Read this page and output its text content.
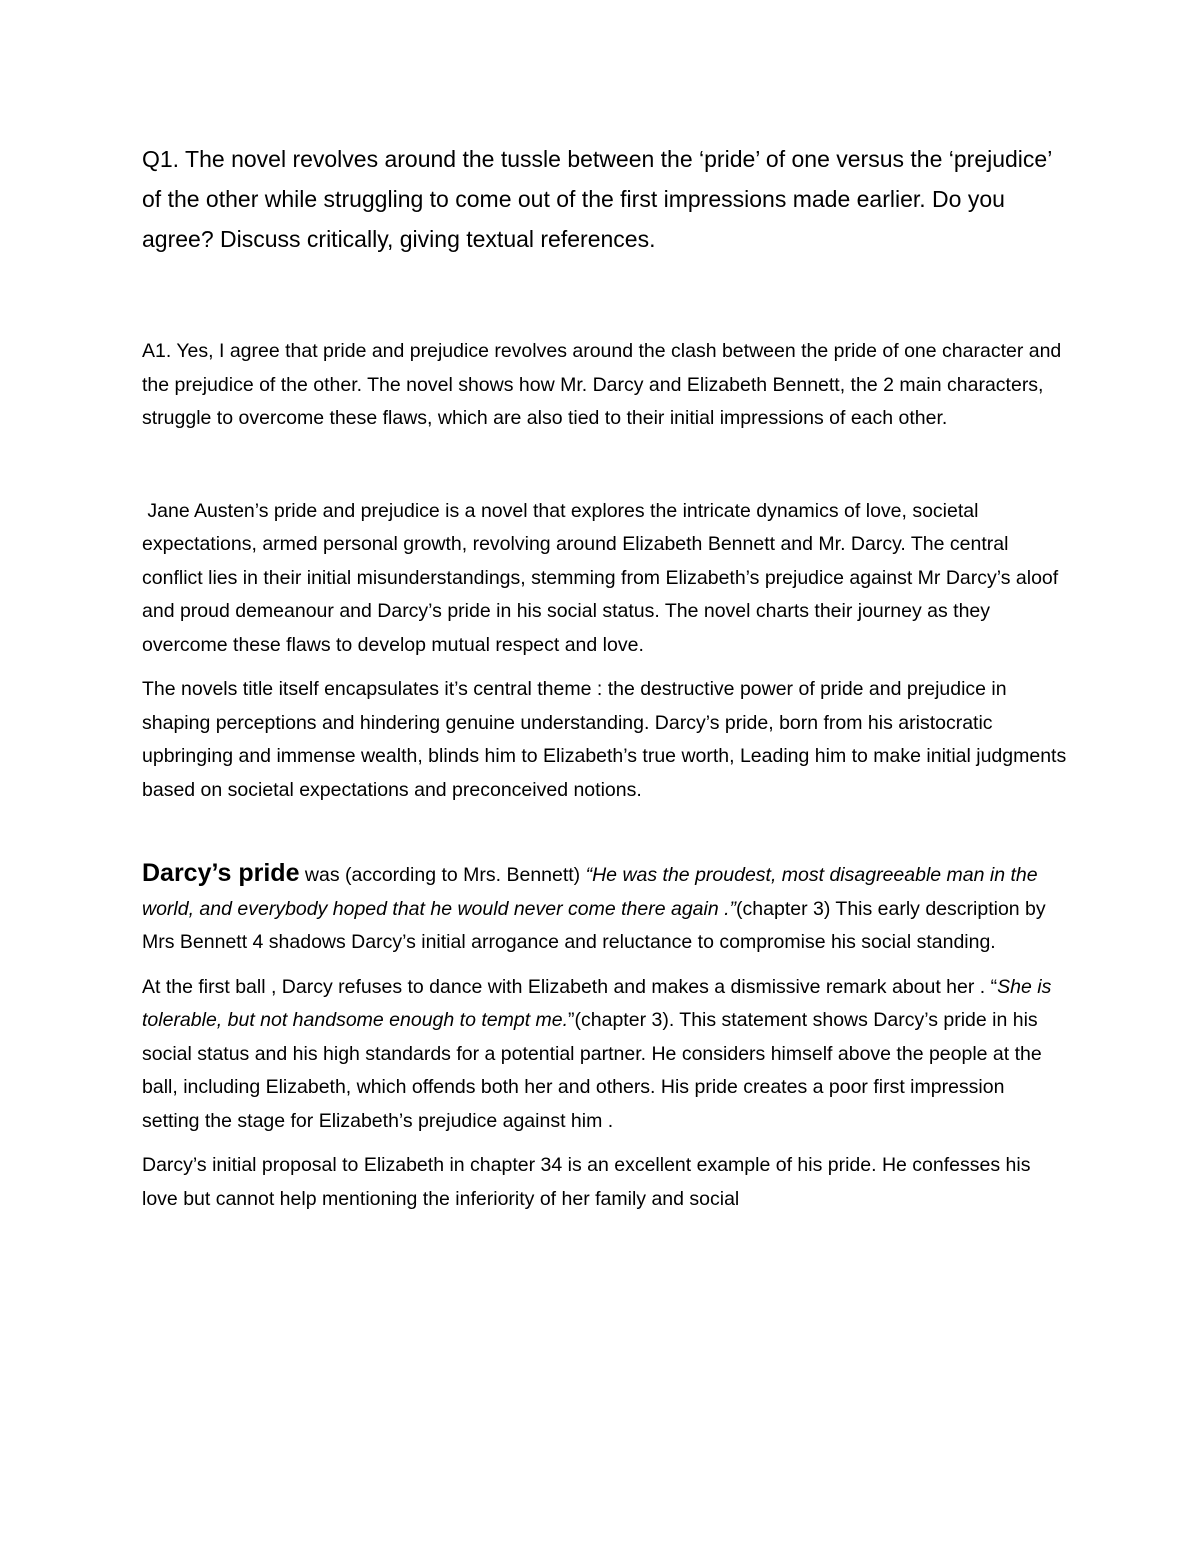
Q1. The novel revolves around the tussle between the ‘pride’ of one versus the ‘prejudice’ of the other while struggling to come out of the first impressions made earlier. Do you agree? Discuss critically, giving textual references.

A1. Yes, I agree that pride and prejudice revolves around the clash between the pride of one character and the prejudice of the other. The novel shows how Mr. Darcy and Elizabeth Bennett, the 2 main characters, struggle to overcome these flaws, which are also tied to their initial impressions of each other.

Jane Austen’s pride and prejudice is a novel that explores the intricate dynamics of love, societal expectations, armed personal growth, revolving around Elizabeth Bennett and Mr. Darcy. The central conflict lies in their initial misunderstandings, stemming from Elizabeth’s prejudice against Mr Darcy’s aloof and proud demeanour and Darcy’s pride in his social status. The novel charts their journey as they overcome these flaws to develop mutual respect and love.

The novels title itself encapsulates it’s central theme : the destructive power of pride and prejudice in shaping perceptions and hindering genuine understanding. Darcy’s pride, born from his aristocratic upbringing and immense wealth, blinds him to Elizabeth’s true worth, Leading him to make initial judgments based on societal expectations and preconceived notions.

Darcy’s pride was (according to Mrs. Bennett) “He was the proudest, most disagreeable man in the world, and everybody hoped that he would never come there again .”(chapter 3) This early description by Mrs Bennett 4 shadows Darcy’s initial arrogance and reluctance to compromise his social standing.

At the first ball , Darcy refuses to dance with Elizabeth and makes a dismissive remark about her . “She is tolerable, but not handsome enough to tempt me.”(chapter 3). This statement shows Darcy’s pride in his social status and his high standards for a potential partner. He considers himself above the people at the ball, including Elizabeth, which offends both her and others. His pride creates a poor first impression setting the stage for Elizabeth’s prejudice against him .

Darcy’s initial proposal to Elizabeth in chapter 34 is an excellent example of his pride. He confesses his love but cannot help mentioning the inferiority of her family and social
